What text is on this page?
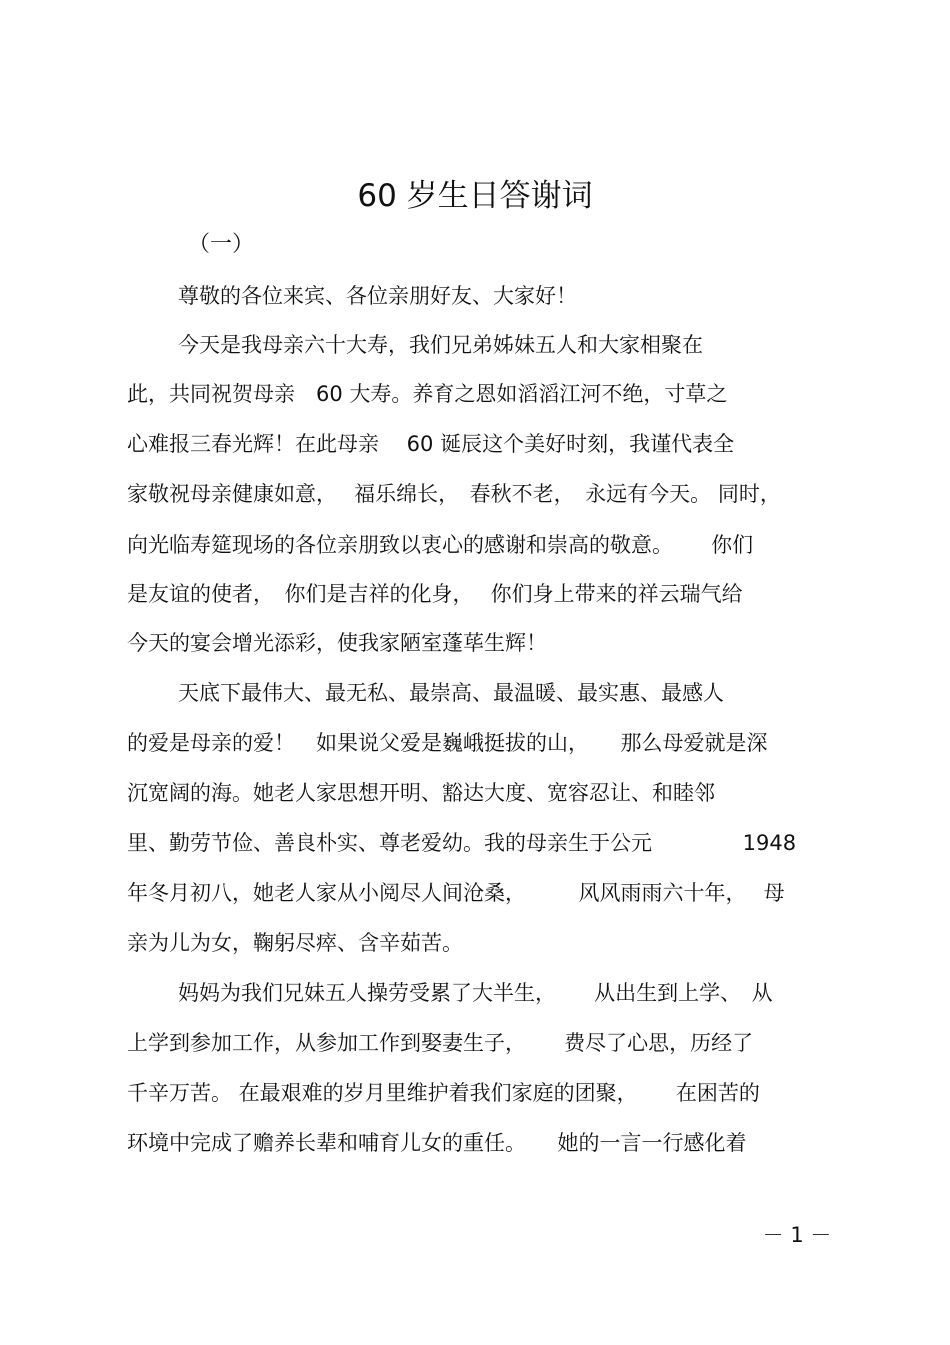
60 岁生日答谢词
（一）
尊敬的各位来宾、各位亲朋好友、大家好！
今天是我母亲六十大寿，我们兄弟姊妹五人和大家相聚在
此，共同祝贺母亲　60 大寿。养育之恩如滔滔江河不绝，寸草之
心难报三春光辉！在此母亲　 60 诞辰这个美好时刻，我谨代表全
家敬祝母亲健康如意，　 福乐绵长，　春秋不老，　永远有今天。 同时，
向光临寿筵现场的各位亲朋致以衷心的感谢和崇高的敬意。　　 你们
是友谊的使者，　你们是吉祥的化身，　 你们身上带来的祥云瑞气给
今天的宴会增光添彩，使我家陋室蓬荜生辉！
天底下最伟大、最无私、最崇高、最温暖、最实惠、最感人
的爱是母亲的爱！　如果说父爱是巍峨挺拔的山，　　那么母爱就是深
沉宽阔的海。她老人家思想开明、豁达大度、宽容忍让、和睦邻
里、勤劳节俭、善良朴实、尊老爱幼。我的母亲生于公元　　　　 1948
年冬月初八，她老人家从小阅尽人间沧桑，　　　风风雨雨六十年，　 母
亲为儿为女，鞠躬尽瘁、含辛茹苦。
妈妈为我们兄妹五人操劳受累了大半生，　　 从出生到上学、　从
上学到参加工作，从参加工作到娶妻生子，　　 费尽了心思，历经了
千辛万苦。 在最艰难的岁月里维护着我们家庭的团聚，　　 在困苦的
环境中完成了赡养长辈和哺育儿女的重任。　　她的一言一行感化着
－ 1 －
